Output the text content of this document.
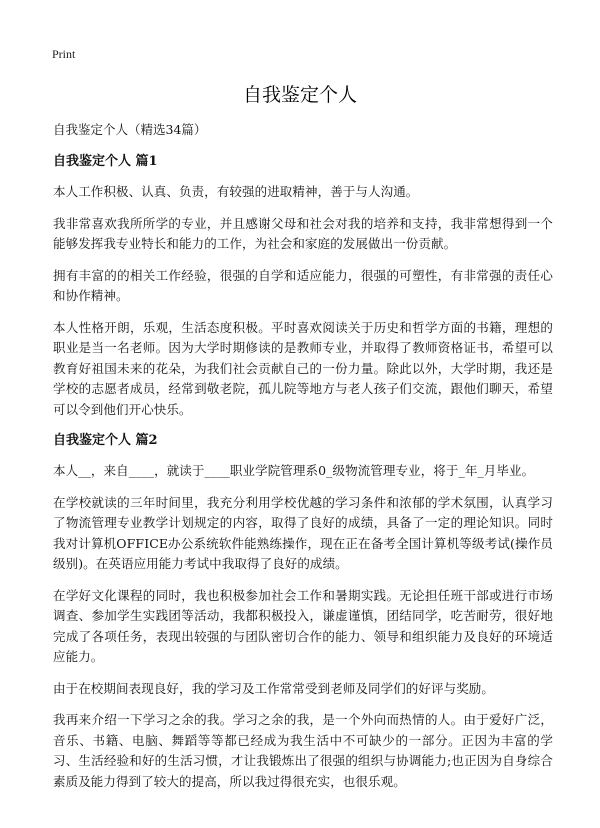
Print
自我鉴定个人

自我鉴定个人（精选34篇）

自我鉴定个人 篇1

本人工作积极、认真、负责，有较强的进取精神，善于与人沟通。

我非常喜欢我所所学的专业，并且感谢父母和社会对我的培养和支持，我非常想得到一个能够发挥我专业特长和能力的工作，为社会和家庭的发展做出一份贡献。

拥有丰富的的相关工作经验，很强的自学和适应能力，很强的可塑性，有非常强的责任心和协作精神。

本人性格开朗，乐观，生活态度积极。平时喜欢阅读关于历史和哲学方面的书籍，理想的职业是当一名老师。因为大学时期修读的是教师专业，并取得了教师资格证书，希望可以教育好祖国未来的花朵，为我们社会贡献自己的一份力量。除此以外，大学时期，我还是学校的志愿者成员，经常到敬老院，孤儿院等地方与老人孩子们交流，跟他们聊天，希望可以令到他们开心快乐。

自我鉴定个人 篇2

本人__，来自____，就读于____职业学院管理系0_级物流管理专业，将于_年_月毕业。

在学校就读的三年时间里，我充分利用学校优越的学习条件和浓郁的学术氛围，认真学习了物流管理专业教学计划规定的内容，取得了良好的成绩，具备了一定的理论知识。同时我对计算机OFFICE办公系统软件能熟练操作，现在正在备考全国计算机等级考试(操作员级别)。在英语应用能力考试中我取得了良好的成绩。

在学好文化课程的同时，我也积极参加社会工作和暑期实践。无论担任班干部或进行市场调查、参加学生实践团等活动，我都积极投入，谦虚谨慎，团结同学，吃苦耐劳，很好地完成了各项任务，表现出较强的与团队密切合作的能力、领导和组织能力及良好的环境适应能力。

由于在校期间表现良好，我的学习及工作常常受到老师及同学们的好评与奖励。

我再来介绍一下学习之余的我。学习之余的我，是一个外向而热情的人。由于爱好广泛，音乐、书籍、电脑、舞蹈等等都已经成为我生活中不可缺少的一部分。正因为丰富的学习、生活经验和好的生活习惯，才让我锻炼出了很强的组织与协调能力;也正因为自身综合素质及能力得到了较大的提高，所以我过得很充实，也很乐观。
